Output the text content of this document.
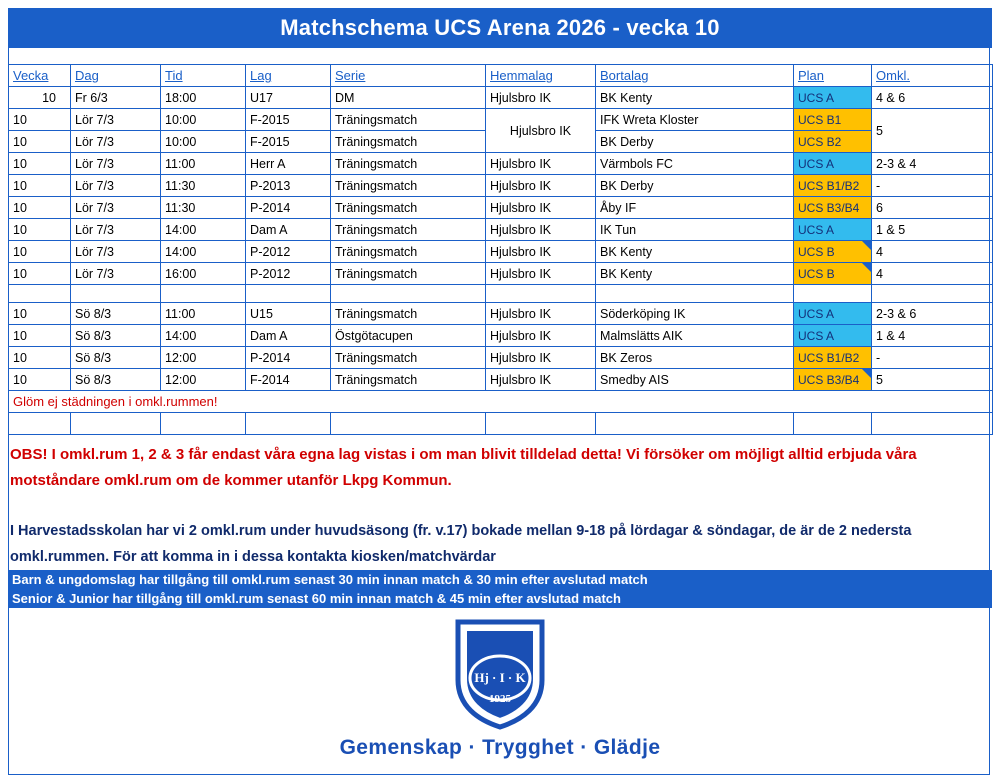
Matchschema UCS Arena 2026 - vecka 10
Vecka	Dag	Tid	Lag	Serie	Hemmalag	Bortalag	Plan	Omkl.
10	Fr 6/3	18:00	U17	DM	Hjulsbro IK	BK Kenty	UCS A	4 & 6
10	Lör 7/3	10:00	F-2015	Träningsmatch	Hjulsbro IK	IFK Wreta Kloster	UCS B1	5
10	Lör 7/3	10:00	F-2015	Träningsmatch		BK Derby	UCS B2	
10	Lör 7/3	11:00	Herr A	Träningsmatch	Hjulsbro IK	Värmbols FC	UCS A	2-3 & 4
10	Lör 7/3	11:30	P-2013	Träningsmatch	Hjulsbro IK	BK Derby	UCS B1/B2	-
10	Lör 7/3	11:30	P-2014	Träningsmatch	Hjulsbro IK	Åby IF	UCS B3/B4	6
10	Lör 7/3	14:00	Dam A	Träningsmatch	Hjulsbro IK	IK Tun	UCS A	1 & 5
10	Lör 7/3	14:00	P-2012	Träningsmatch	Hjulsbro IK	BK Kenty	UCS B	4
10	Lör 7/3	16:00	P-2012	Träningsmatch	Hjulsbro IK	BK Kenty	UCS B	4

10	Sö 8/3	11:00	U15	Träningsmatch	Hjulsbro IK	Söderköping IK	UCS A	2-3 & 6
10	Sö 8/3	14:00	Dam A	Östgötacupen	Hjulsbro IK	Malmslätts AIK	UCS A	1 & 4
10	Sö 8/3	12:00	P-2014	Träningsmatch	Hjulsbro IK	BK Zeros	UCS B1/B2	-
10	Sö 8/3	12:00	F-2014	Träningsmatch	Hjulsbro IK	Smedby AIS	UCS B3/B4	5
Glöm ej städningen i omkl.rummen!								

OBS! I omkl.rum 1, 2 & 3 får endast våra egna lag vistas i om man blivit tilldelad detta! Vi försöker om möjligt alltid erbjuda våra motståndare omkl.rum om de kommer utanför Lkpg Kommun.
I Harvestadsskolan har vi 2 omkl.rum under huvudsäsong (fr. v.17) bokade mellan 9-18 på lördagar & söndagar, de är de 2 nedersta omkl.rummen. För att komma in i dessa kontakta kiosken/matchvärdar
Barn & ungdomslag har tillgång till omkl.rum senast 30 min innan match & 30 min efter avslutad match
Senior & Junior har tillgång till omkl.rum senast 60 min innan match & 45 min efter avslutad match
Hj · I · K
1925
Gemenskap · Trygghet · Glädje
